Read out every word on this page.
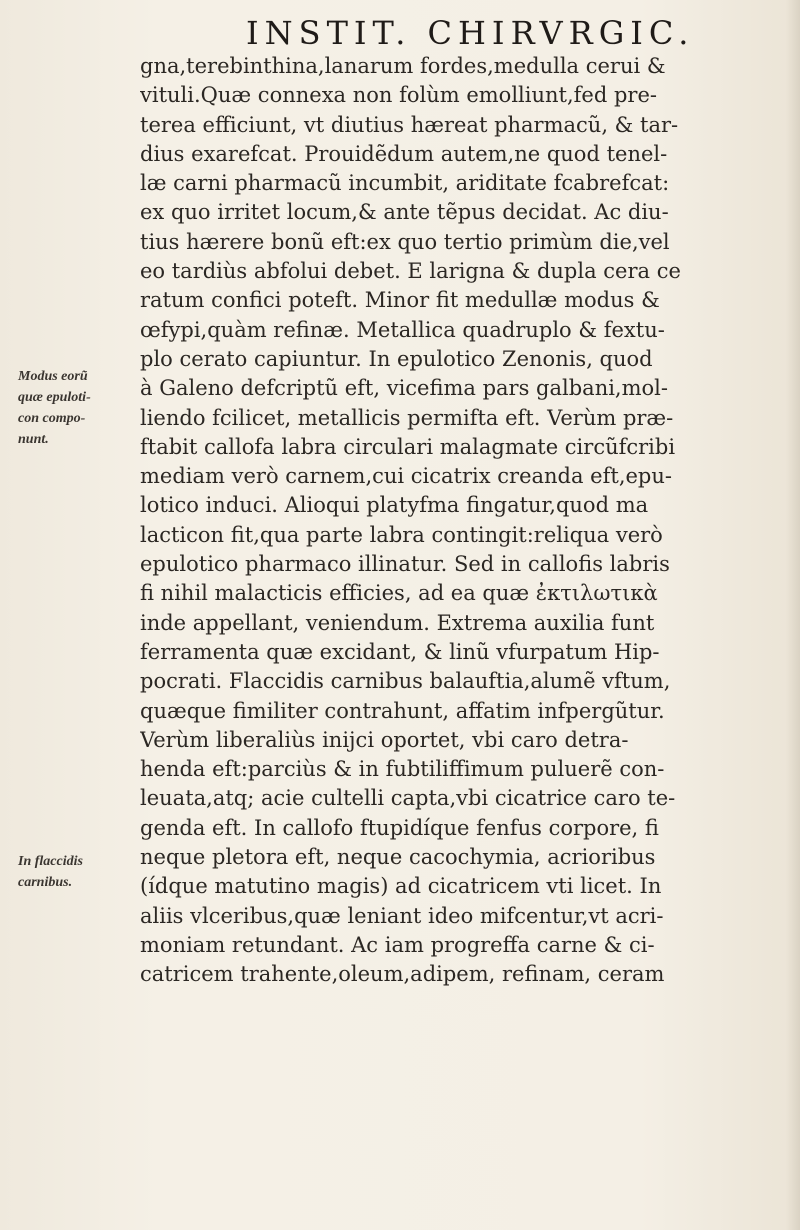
INSTIT. CHIRVRGIC.
gna,terebinthina,lanarum fordes,medulla cerui &
vituli.Quæ connexa non folùm emolliunt,fed pre-
terea efficiunt, vt diutius hæreat pharmacũ, & tar-
dius exarefcat. Prouidẽdum autem,ne quod tenel-
læ carni pharmacũ incumbit, ariditate fcabrefcat:
ex quo irritet locum,& ante tẽpus decidat. Ac diu-
tius hærere bonũ eft:ex quo tertio primùm die,vel
eo tardiùs abfolui debet. E larigna & dupla cera ce
ratum confici poteft. Minor fit medullæ modus &
œfypi,quàm refinæ. Metallica quadruplo & fextu-
plo cerato capiuntur. In epulotico Zenonis, quod
à Galeno defcriptũ eft, vicefima pars galbani,mol-
liendo fcilicet, metallicis permifta eft. Verùm præ-
ftabit callofa labra circulari malagmate circũfcribi
mediam verò carnem,cui cicatrix creanda eft,epu-
lotico induci. Alioqui platyfma fingatur,quod ma
lacticon fit,qua parte labra contingit:reliqua verò
epulotico pharmaco illinatur. Sed in callofis labris
fi nihil malacticis efficies, ad ea quæ ἐκτιλωτικὰ
inde appellant, veniendum. Extrema auxilia funt
ferramenta quæ excidant, & linũ vfurpatum Hip-
pocrati. Flaccidis carnibus balauftia,alumẽ vftum,
quæque fimiliter contrahunt, affatim infpergũtur.
Verùm liberaliùs inijci oportet, vbi caro detra-
henda eft:parciùs & in fubtiliffimum puluerẽ con-
leuata,atq; acie cultelli capta,vbi cicatrice caro te-
genda eft. In callofo ftupidíque fenfus corpore, fi
neque pletora eft, neque cacochymia, acrioribus
(ídque matutino magis) ad cicatricem vti licet. In
aliis vlceribus,quæ leniant ideo mifcentur,vt acri-
moniam retundant. Ac iam progreffa carne & ci-
catricem trahente,oleum,adipem, refinam, ceram
Modus eorũ
quæ epuloti-
con compo-
nunt.
In flaccidis
carnibus.
